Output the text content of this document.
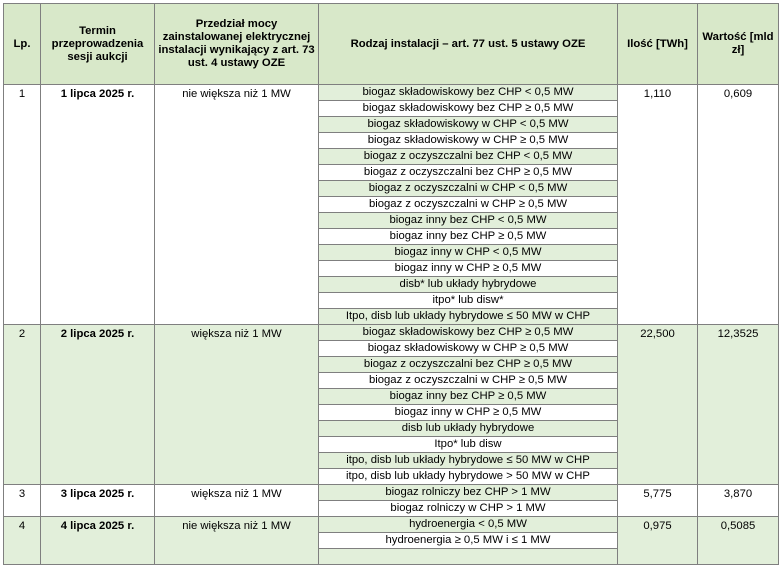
Lp.	Termin przeprowadzenia sesji aukcji	Przedział mocy zainstalowanej elektrycznej instalacji wynikający z art. 73 ust. 4 ustawy OZE	Rodzaj instalacji – art. 77 ust. 5 ustawy OZE	Ilość [TWh]	Wartość [mld zł]
1	1 lipca 2025 r.	nie większa niż 1 MW		biogaz składowiskowy bez CHP < 0,5 MW
biogaz składowiskowy bez CHP ≥ 0,5 MW
biogaz składowiskowy w CHP < 0,5 MW
biogaz składowiskowy w CHP ≥ 0,5 MW
biogaz z oczyszczalni bez CHP < 0,5 MW
biogaz z oczyszczalni bez CHP ≥ 0,5 MW
biogaz z oczyszczalni w CHP < 0,5 MW
biogaz z oczyszczalni w CHP ≥ 0,5 MW
biogaz inny bez CHP < 0,5 MW
biogaz inny bez CHP ≥ 0,5 MW
biogaz inny w CHP < 0,5 MW
biogaz inny w CHP ≥ 0,5 MW
disb* lub układy hybrydowe
itpo* lub disw*
Itpo, disb lub układy hybrydowe ≤ 50 MW w CHP
	1,110	0,609
2	2 lipca 2025 r.	większa niż 1 MW		biogaz składowiskowy bez CHP ≥ 0,5 MW
biogaz składowiskowy w CHP ≥ 0,5 MW
biogaz z oczyszczalni bez CHP ≥ 0,5 MW
biogaz z oczyszczalni w CHP ≥ 0,5 MW
biogaz inny bez CHP ≥ 0,5 MW
biogaz inny w CHP ≥ 0,5 MW
disb lub układy hybrydowe
Itpo* lub disw
itpo, disb lub układy hybrydowe ≤ 50 MW w CHP
itpo, disb lub układy hybrydowe > 50 MW w CHP
	22,500	12,3525
3	3 lipca 2025 r.	większa niż 1 MW		biogaz rolniczy bez CHP > 1 MW
biogaz rolniczy w CHP > 1 MW
	5,775	3,870
4	4 lipca 2025 r.	nie większa niż 1 MW		hydroenergia < 0,5 MW
hydroenergia ≥ 0,5 MW i ≤ 1 MW

	0,975	0,5085
